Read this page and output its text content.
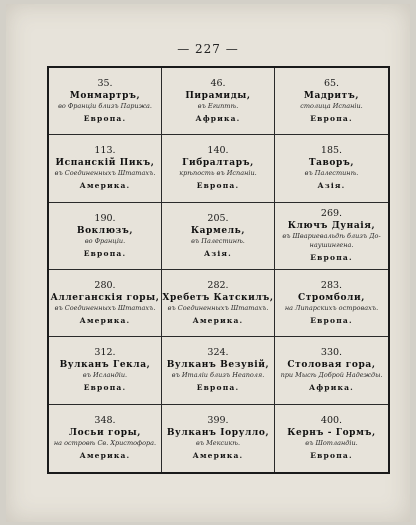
— 227 —
35.
Монмартръ,
во Франціи близъ Парижа.
Европа.
46.
Пирамиды,
въ Египтѣ.
Африка.
65.
Мадритъ,
столица Испаніи.
Европа.
113.
Испанскій Пикъ,
въ Соединенныхъ Штатахъ.
Америка.
140.
Гибралтаръ,
крѣпость въ Испаніи.
Европа.
185.
Таворъ,
въ Палестинѣ.
Азія.
190.
Воклюзъ,
во Франціи.
Европа.
205.
Кармель,
въ Палестинѣ.
Азія.
269.
Ключъ Дунаія,
въ Швариевальдѣ близъ До-
наушингена.
Европа.
280.
Аллеганскія горы,
въ Соединенныхъ Штатахъ.
Америка.
282.
Хребетъ Катскилъ,
въ Соединенныхъ Штатахъ.
Америка.
283.
Стромболи,
на Липарскихъ островахъ.
Европа.
312.
Вулканъ Гекла,
въ Исландіи.
Европа.
324.
Вулканъ Везувій,
въ Италіи близъ Неаполя.
Европа.
330.
Столовая гора,
при Мысѣ Доброй Надежды.
Африка.
348.
Лосьи горы,
на островѣ Св. Христофора.
Америка.
399.
Вулканъ Іорулло,
въ Мексикѣ.
Америка.
400.
Кернъ - Гормъ,
въ Шотландіи.
Европа.
